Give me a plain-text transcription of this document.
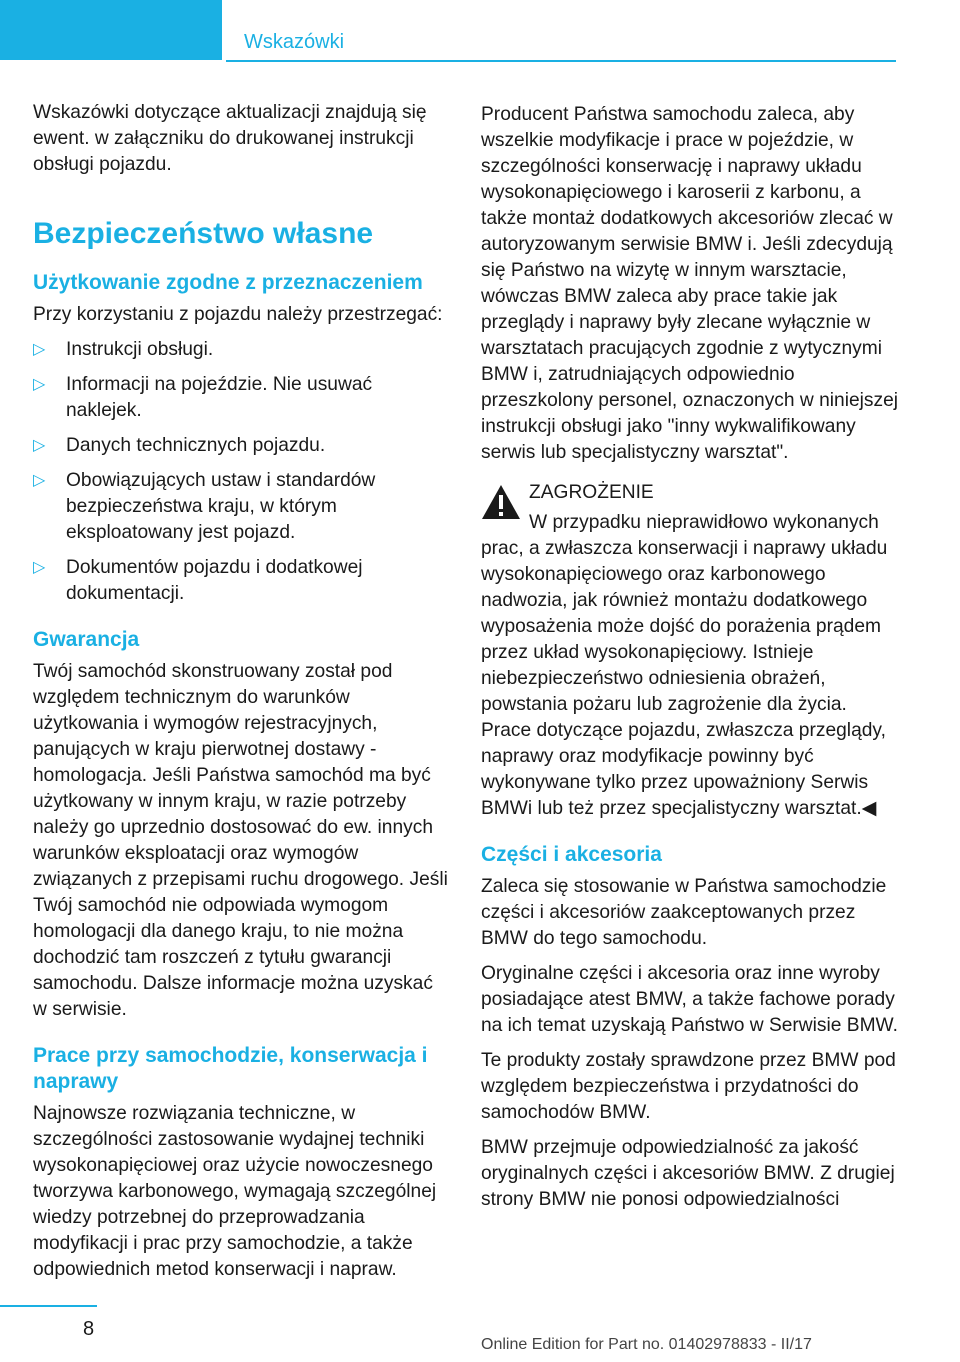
Wskazówki

Wskazówki dotyczące aktualizacji znajdują się ewent. w załączniku do drukowanej instrukcji obsługi pojazdu.

Bezpieczeństwo własne
Użytkowanie zgodne z przeznaczeniem

Przy korzystaniu z pojazdu należy przestrzegać:

▷ Instrukcji obsługi.
▷ Informacji na pojeździe. Nie usuwać naklejek.
▷ Danych technicznych pojazdu.
▷ Obowiązujących ustaw i standardów bezpieczeństwa kraju, w którym eksploatowany jest pojazd.
▷ Dokumentów pojazdu i dodatkowej dokumentacji.
Gwarancja

Twój samochód skonstruowany został pod względem technicznym do warunków użytkowania i wymogów rejestracyjnych, panujących w kraju pierwotnej dostawy - homologacja. Jeśli Państwa samochód ma być użytkowany w innym kraju, w razie potrzeby należy go uprzednio dostosować do ew. innych warunków eksploatacji oraz wymogów związanych z przepisami ruchu drogowego. Jeśli Twój samochód nie odpowiada wymogom homologacji dla danego kraju, to nie można dochodzić tam roszczeń z tytułu gwarancji samochodu. Dalsze informacje można uzyskać w serwisie.

Prace przy samochodzie, konserwacja i naprawy

Najnowsze rozwiązania techniczne, w szczególności zastosowanie wydajnej techniki wysokonapięciowej oraz użycie nowoczesnego tworzywa karbonowego, wymagają szczególnej wiedzy potrzebnej do przeprowadzania modyfikacji i prac przy samochodzie, a także odpowiednich metod konserwacji i napraw.

Producent Państwa samochodu zaleca, aby wszelkie modyfikacje i prace w pojeździe, w szczególności konserwację i naprawy układu wysokonapięciowego i karoserii z karbonu, a także montaż dodatkowych akcesoriów zlecać w autoryzowanym serwisie BMW i. Jeśli zdecydują się Państwo na wizytę w innym warsztacie, wówczas BMW zaleca aby prace takie jak przeglądy i naprawy były zlecane wyłącznie w warsztatach pracujących zgodnie z wytycznymi BMW i, zatrudniających odpowiednio przeszkolony personel, oznaczonych w niniejszej instrukcji obsługi jako "inny wykwalifikowany serwis lub specjalistyczny warsztat".

ZAGROŻENIE
W przypadku nieprawidłowo wykonanych
prac, a zwłaszcza konserwacji i naprawy układu wysokonapięciowego oraz karbonowego nadwozia, jak również montażu dodatkowego wyposażenia może dojść do porażenia prądem przez układ wysokonapięciowy. Istnieje niebezpieczeństwo odniesienia obrażeń, powstania pożaru lub zagrożenie dla życia. Prace dotyczące pojazdu, zwłaszcza przeglądy, naprawy oraz modyfikacje powinny być wykonywane tylko przez upoważniony Serwis BMWi lub też przez specjalistyczny warsztat.◀
Części i akcesoria

Zaleca się stosowanie w Państwa samochodzie części i akcesoriów zaakceptowanych przez BMW do tego samochodu.

Oryginalne części i akcesoria oraz inne wyroby posiadające atest BMW, a także fachowe porady na ich temat uzyskają Państwo w Serwisie BMW.

Te produkty zostały sprawdzone przez BMW pod względem bezpieczeństwa i przydatności do samochodów BMW.

BMW przejmuje odpowiedzialność za jakość oryginalnych części i akcesoriów BMW. Z drugiej strony BMW nie ponosi odpowiedzialności

8
Online Edition for Part no. 01402978833 - II/17
